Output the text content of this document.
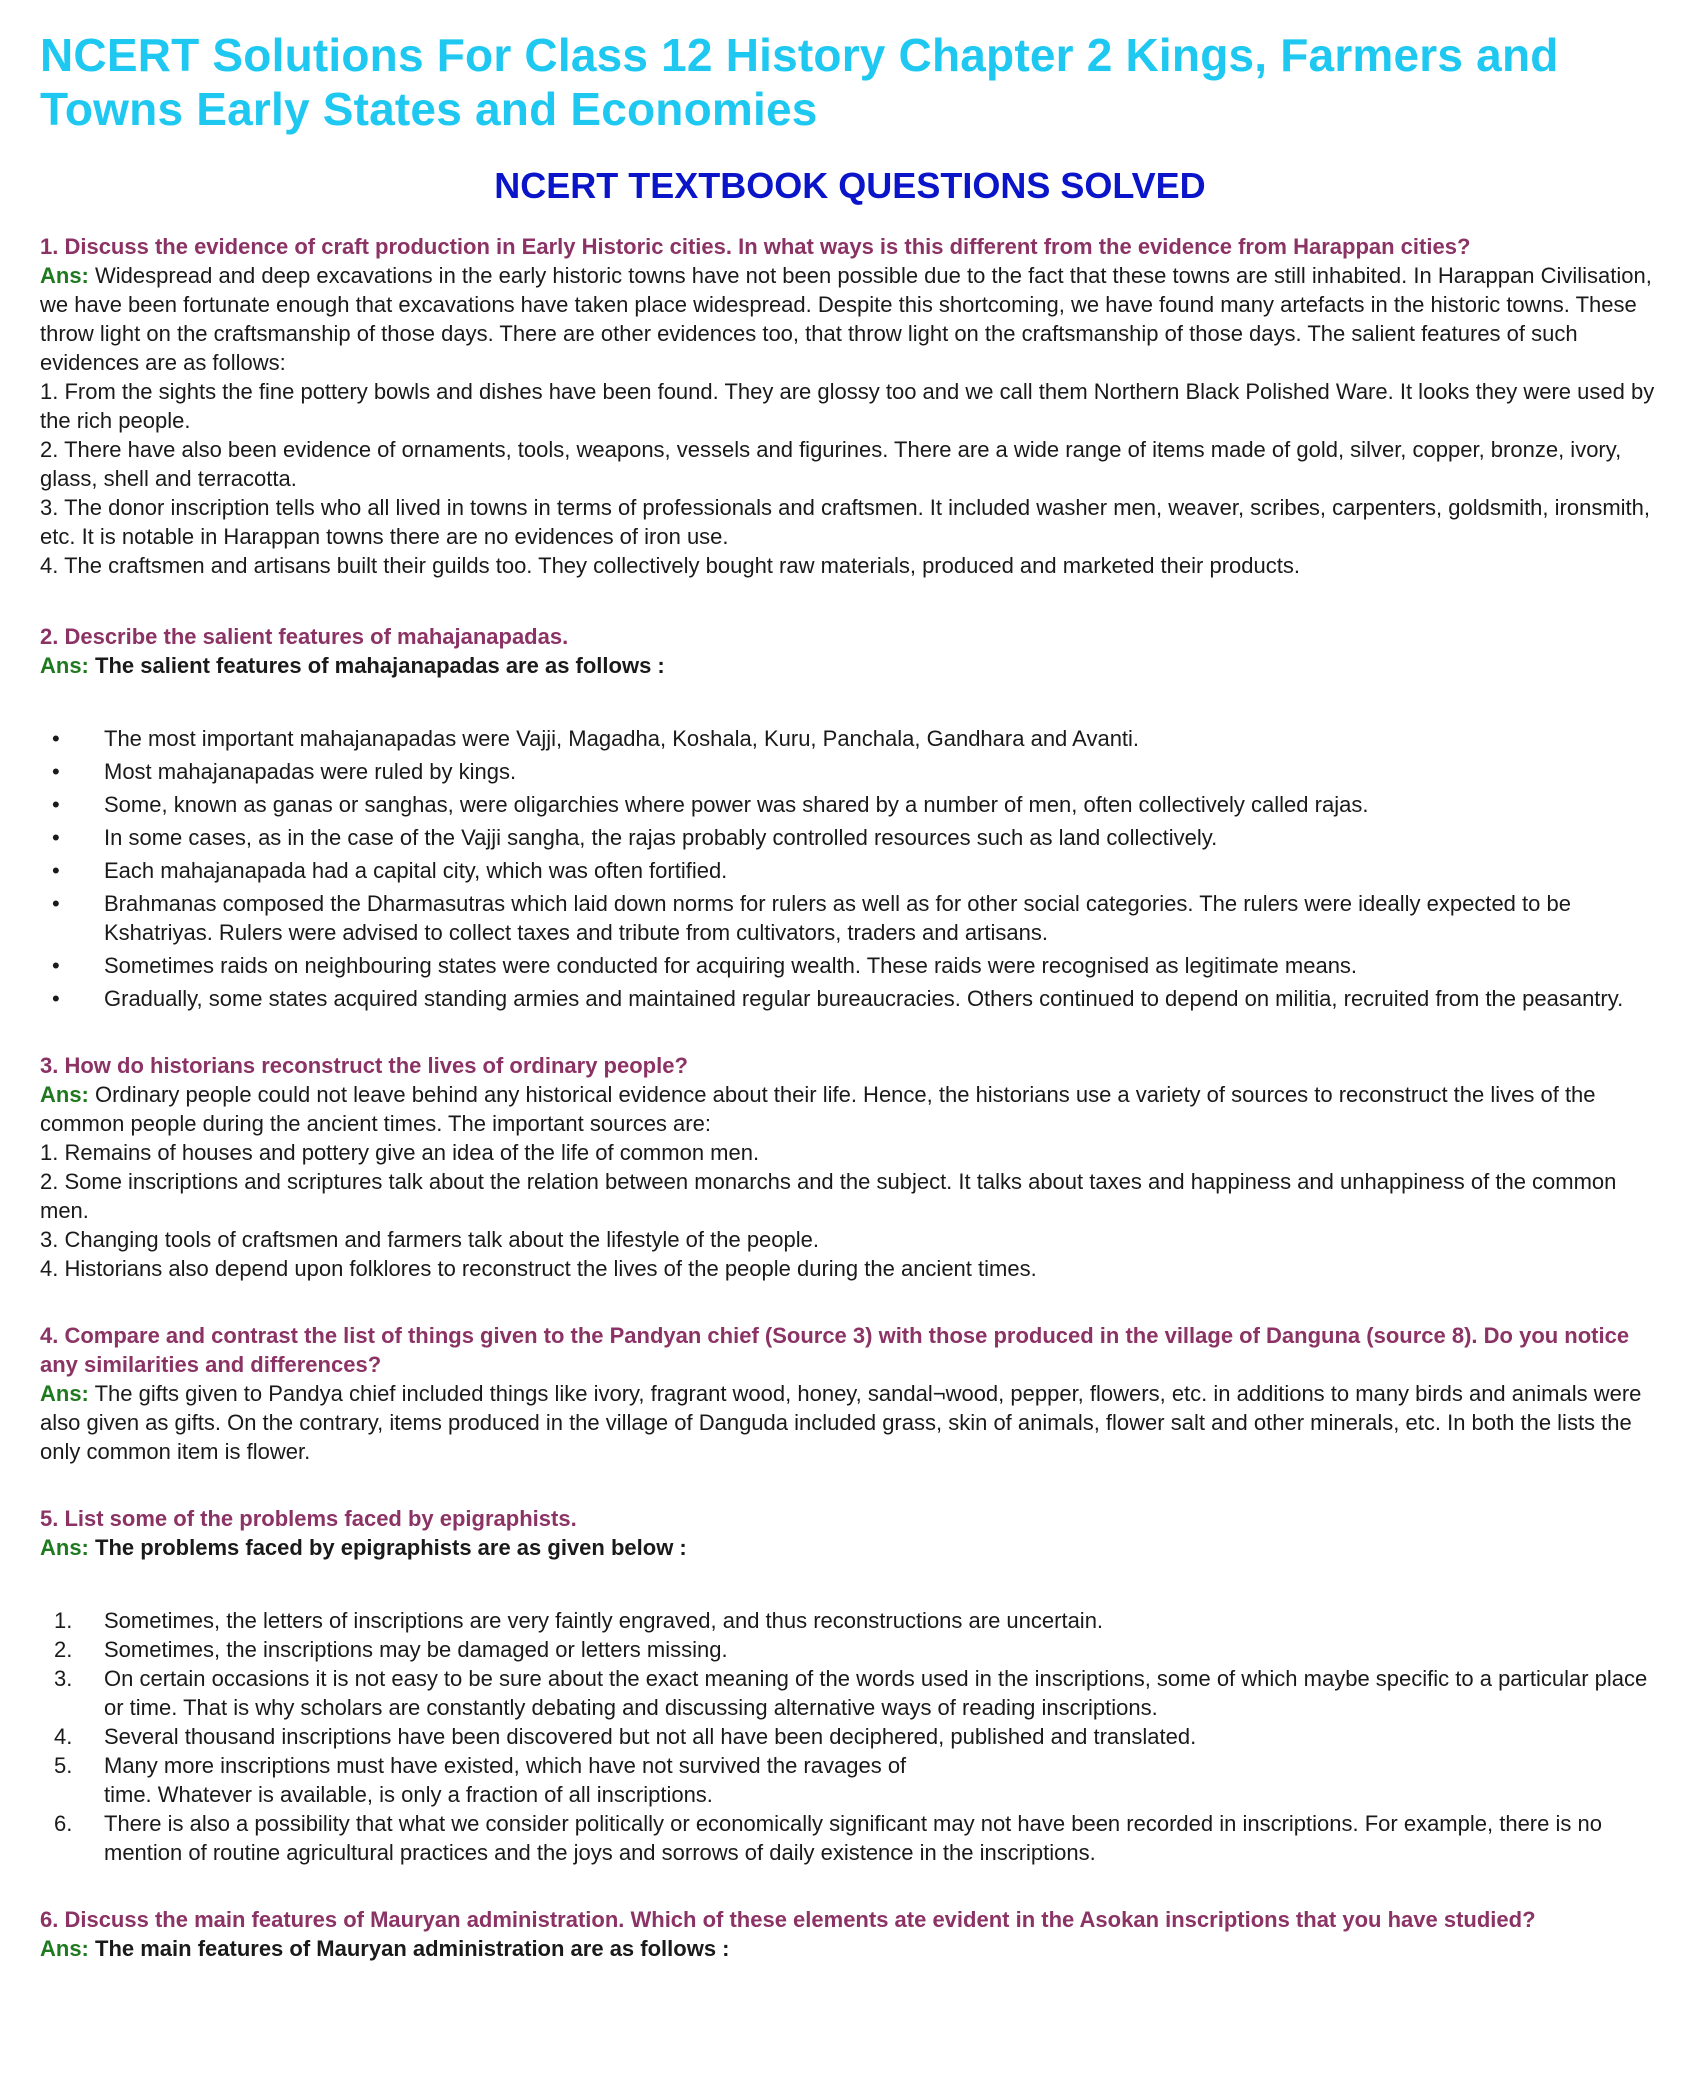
NCERT Solutions For Class 12 History Chapter 2 Kings, Farmers and Towns Early States and Economies
NCERT TEXTBOOK QUESTIONS SOLVED

1. Discuss the evidence of craft production in Early Historic cities. In what ways is this different from the evidence from Harappan cities?

Ans: Widespread and deep excavations in the early historic towns have not been possible due to the fact that these towns are still inhabited. In Harappan Civilisation, we have been fortunate enough that excavations have taken place widespread. Despite this shortcoming, we have found many artefacts in the historic towns. These throw light on the craftsmanship of those days. There are other evidences too, that throw light on the craftsmanship of those days. The salient features of such evidences are as follows:

1. From the sights the fine pottery bowls and dishes have been found. They are glossy too and we call them Northern Black Polished Ware. It looks they were used by the rich people.

2. There have also been evidence of ornaments, tools, weapons, vessels and figurines. There are a wide range of items made of gold, silver, copper, bronze, ivory, glass, shell and terracotta.

3. The donor inscription tells who all lived in towns in terms of professionals and craftsmen. It included washer men, weaver, scribes, carpenters, goldsmith, ironsmith, etc. It is notable in Harappan towns there are no evidences of iron use.

4. The craftsmen and artisans built their guilds too. They collectively bought raw materials, produced and marketed their products.

2. Describe the salient features of mahajanapadas.

Ans: The salient features of mahajanapadas are as follows :

• The most important mahajanapadas were Vajji, Magadha, Koshala, Kuru, Panchala, Gandhara and Avanti.
• Most mahajanapadas were ruled by kings.
• Some, known as ganas or sanghas, were oligarchies where power was shared by a number of men, often collectively called rajas.
• In some cases, as in the case of the Vajji sangha, the rajas probably controlled resources such as land collectively.
• Each mahajanapada had a capital city, which was often fortified.
• Brahmanas composed the Dharmasutras which laid down norms for rulers as well as for other social categories. The rulers were ideally expected to be Kshatriyas. Rulers were advised to collect taxes and tribute from cultivators, traders and artisans.
• Sometimes raids on neighbouring states were conducted for acquiring wealth. These raids were recognised as legitimate means.
• Gradually, some states acquired standing armies and maintained regular bureaucracies. Others continued to depend on militia, recruited from the peasantry.

3. How do historians reconstruct the lives of ordinary people?

Ans: Ordinary people could not leave behind any historical evidence about their life. Hence, the historians use a variety of sources to reconstruct the lives of the common people during the ancient times. The important sources are:

1. Remains of houses and pottery give an idea of the life of common men.

2. Some inscriptions and scriptures talk about the relation between monarchs and the subject. It talks about taxes and happiness and unhappiness of the common men.

3. Changing tools of craftsmen and farmers talk about the lifestyle of the people.

4. Historians also depend upon folklores to reconstruct the lives of the people during the ancient times.

4. Compare and contrast the list of things given to the Pandyan chief (Source 3) with those produced in the village of Danguna (source 8). Do you notice any similarities and differences?

Ans: The gifts given to Pandya chief included things like ivory, fragrant wood, honey, sandal¬wood, pepper, flowers, etc. in additions to many birds and animals were also given as gifts. On the contrary, items produced in the village of Danguda included grass, skin of animals, flower salt and other minerals, etc. In both the lists the only common item is flower.

5. List some of the problems faced by epigraphists.

Ans: The problems faced by epigraphists are as given below :

1. Sometimes, the letters of inscriptions are very faintly engraved, and thus reconstructions are uncertain.
2. Sometimes, the inscriptions may be damaged or letters missing.
3. On certain occasions it is not easy to be sure about the exact meaning of the words used in the inscriptions, some of which maybe specific to a particular place or time. That is why scholars are constantly debating and discussing alternative ways of reading inscriptions.
4. Several thousand inscriptions have been discovered but not all have been deciphered, published and translated.
5. Many more inscriptions must have existed, which have not survived the ravages of
time. Whatever is available, is only a fraction of all inscriptions.
6. There is also a possibility that what we consider politically or economically significant may not have been recorded in inscriptions. For example, there is no mention of routine agricultural practices and the joys and sorrows of daily existence in the inscriptions.

6. Discuss the main features of Mauryan administration. Which of these elements ate evident in the Asokan inscriptions that you have studied?

Ans: The main features of Mauryan administration are as follows :
